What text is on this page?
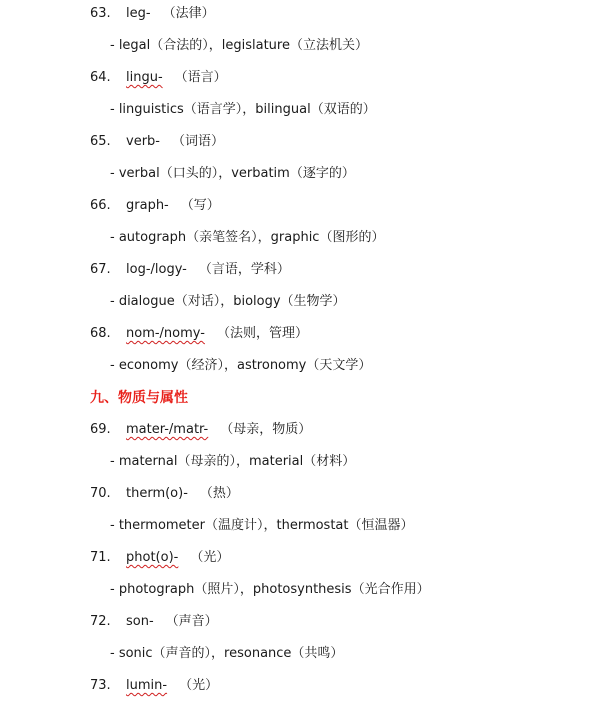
63. leg- （法律）
- legal（合法的），legislature（立法机关）
64. lingu- （语言）
- linguistics（语言学），bilingual（双语的）
65. verb- （词语）
- verbal（口头的），verbatim（逐字的）
66. graph- （写）
- autograph（亲笔签名），graphic（图形的）
67. log-/logy- （言语，学科）
- dialogue（对话），biology（生物学）
68. nom-/nomy- （法则，管理）
- economy（经济），astronomy（天文学）
九、物质与属性
69. mater-/matr- （母亲，物质）
- maternal（母亲的），material（材料）
70. therm(o)- （热）
- thermometer（温度计），thermostat（恒温器）
71. phot(o)- （光）
- photograph（照片），photosynthesis（光合作用）
72. son- （声音）
- sonic（声音的），resonance（共鸣）
73. lumin- （光）
